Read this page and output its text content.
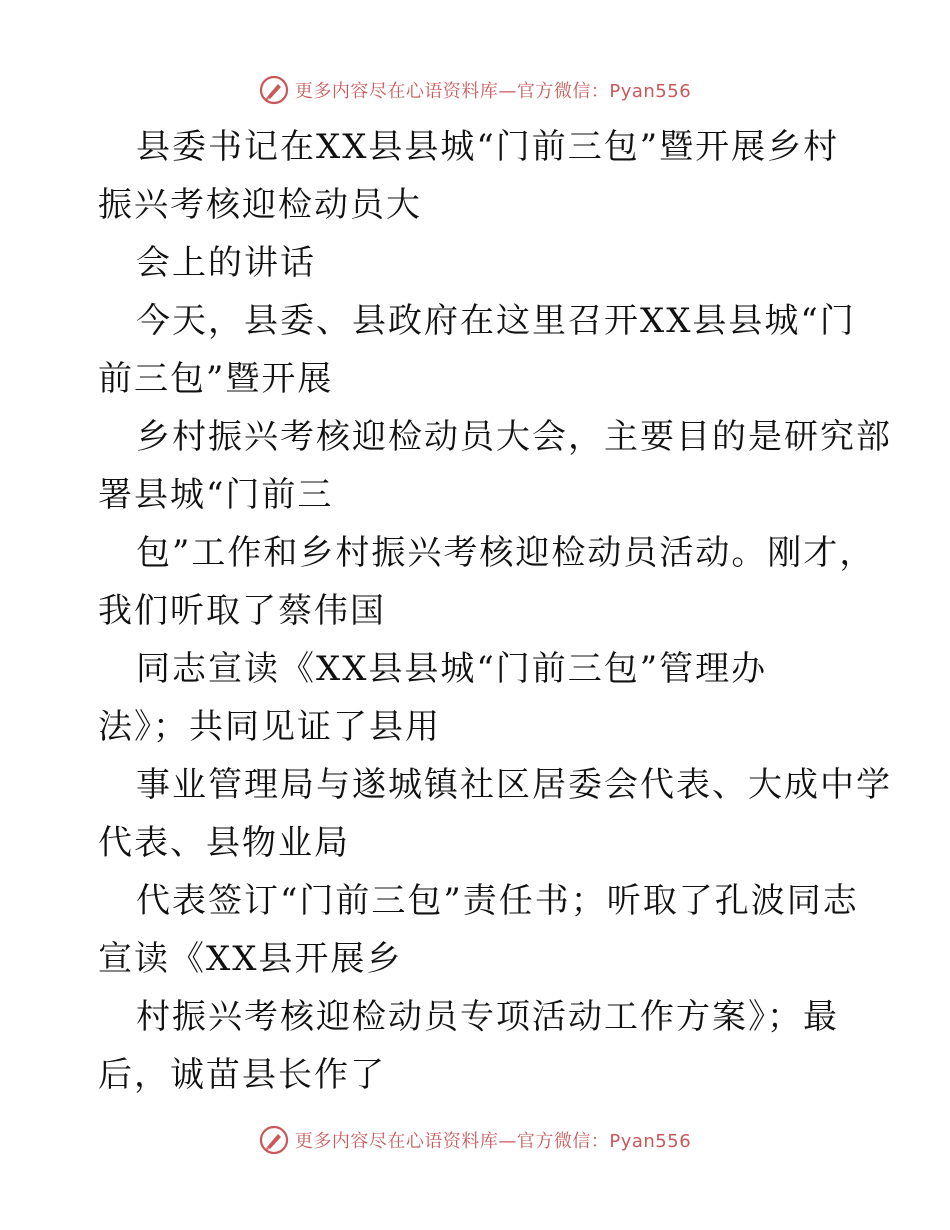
更多内容尽在心语资料库—官方微信：Pyan556
县委书记在XX县县城“门前三包”暨开展乡村
振兴考核迎检动员大
会上的讲话
今天，县委、县政府在这里召开XX县县城“门
前三包”暨开展
乡村振兴考核迎检动员大会，主要目的是研究部
署县城“门前三
包”工作和乡村振兴考核迎检动员活动。刚才，
我们听取了蔡伟国
同志宣读《XX县县城“门前三包”管理办
法》；共同见证了县用
事业管理局与遂城镇社区居委会代表、大成中学
代表、县物业局
代表签订“门前三包”责任书；听取了孔波同志
宣读《XX县开展乡
村振兴考核迎检动员专项活动工作方案》；最
后，诚苗县长作了
更多内容尽在心语资料库—官方微信：Pyan556
